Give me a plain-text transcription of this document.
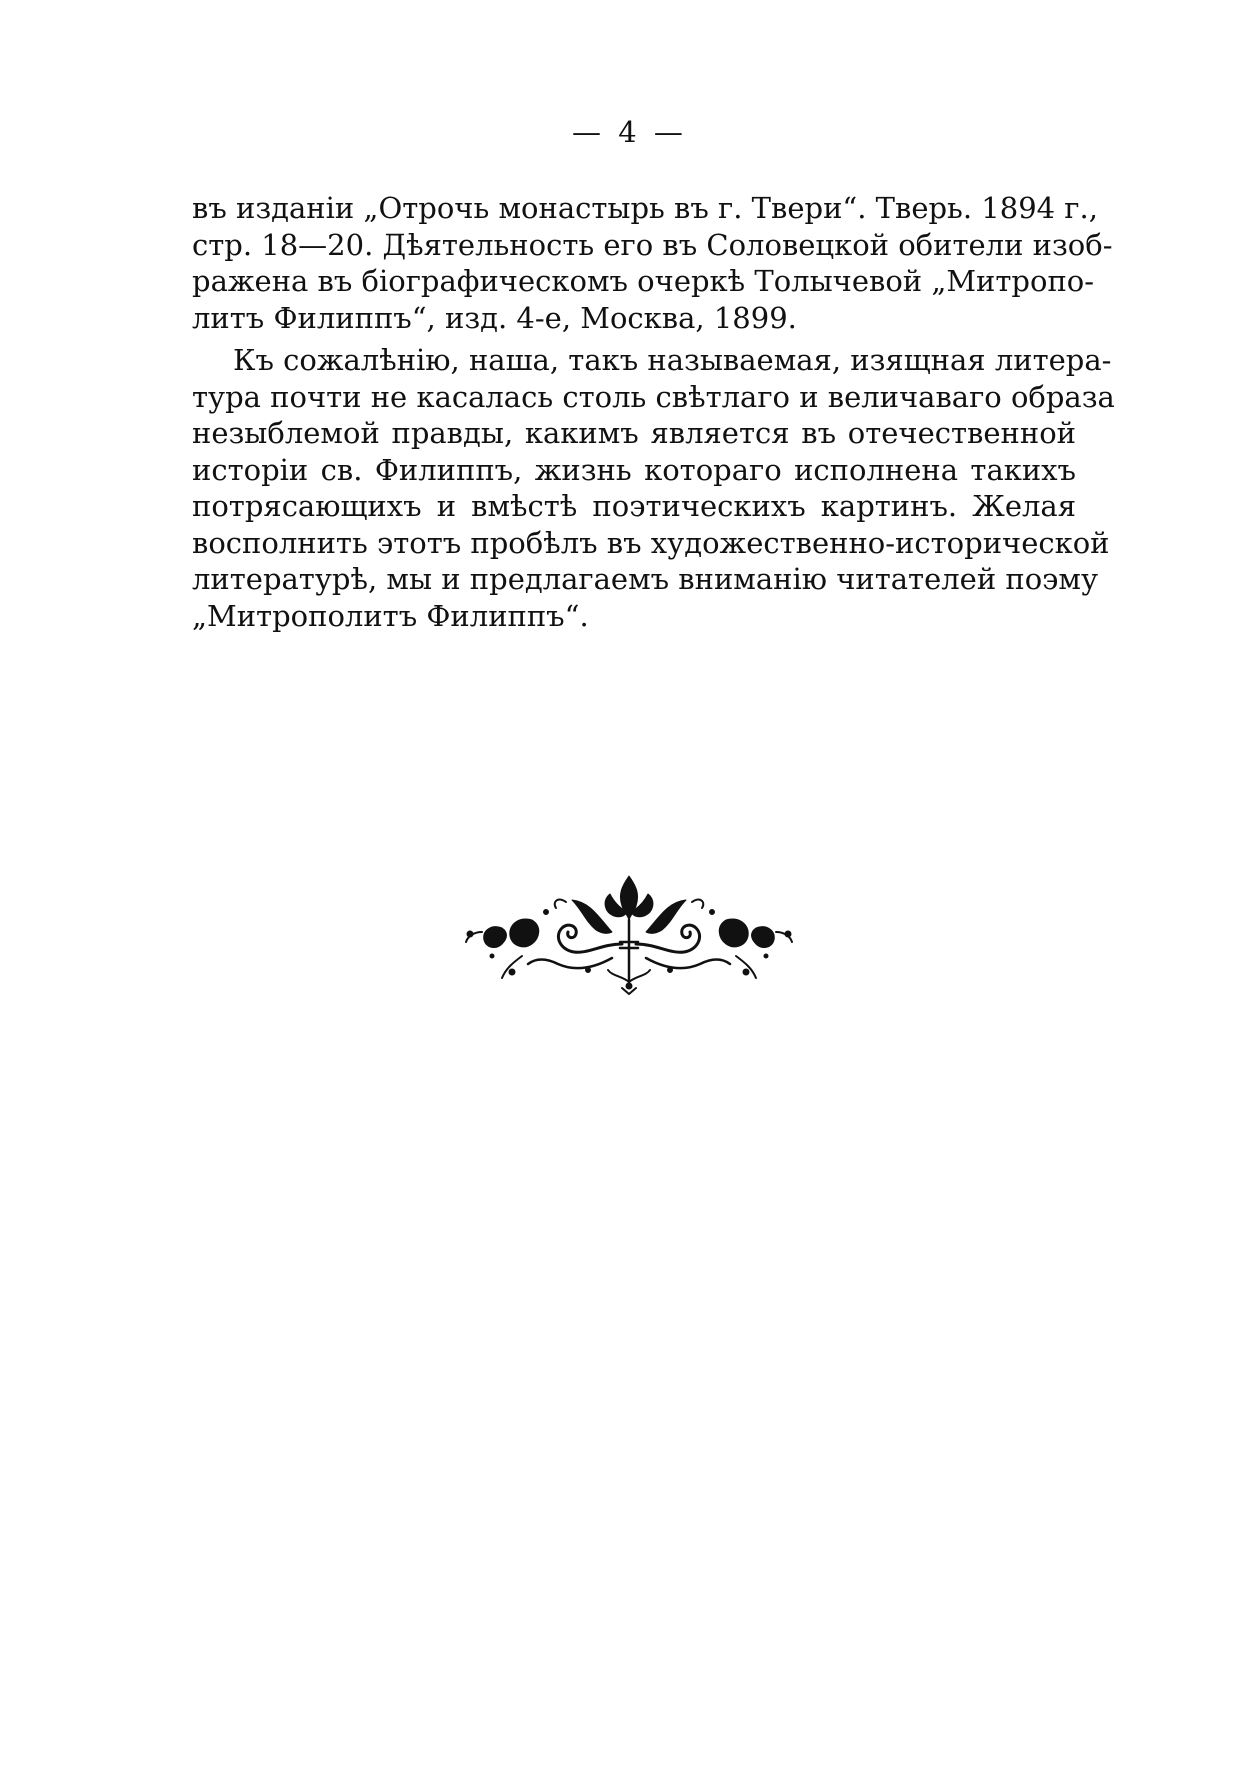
— 4 —
въ изданіи „Отрочь монастырь въ г. Твери“. Тверь. 1894 г.,
стр. 18—20. Дѣятельность его въ Соловецкой обители изоб-
ражена въ біографическомъ очеркѣ Толычевой „Митропо-
литъ Филиппъ“, изд. 4-е, Москва, 1899.
Къ сожалѣнію, наша, такъ называемая, изящная литера-
тура почти не касалась столь свѣтлаго и величаваго образа
незыблемой правды, какимъ является въ отечественной
исторіи св. Филиппъ, жизнь котораго исполнена такихъ
потрясающихъ и вмѣстѣ поэтическихъ картинъ. Желая
восполнить этотъ пробѣлъ въ художественно-исторической
литературѣ, мы и предлагаемъ вниманію читателей поэму
„Митрополитъ Филиппъ“.
